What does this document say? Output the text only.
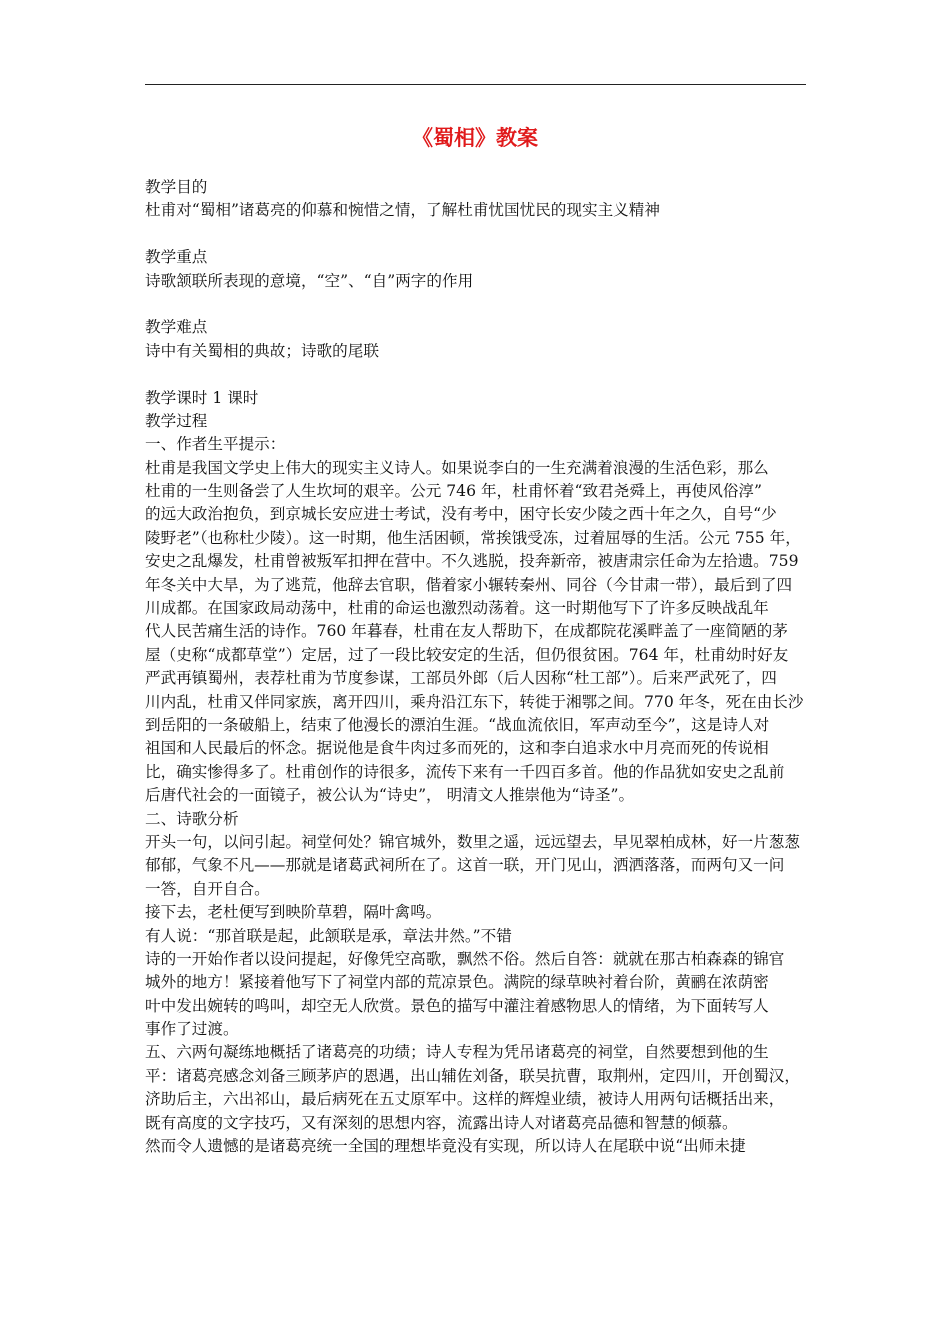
《蜀相》教案
教学目的
杜甫对“蜀相”诸葛亮的仰慕和惋惜之情，了解杜甫忧国忧民的现实主义精神
教学重点
诗歌颔联所表现的意境，“空”、“自”两字的作用
教学难点
诗中有关蜀相的典故；诗歌的尾联
教学课时 1 课时
教学过程
一、作者生平提示：
杜甫是我国文学史上伟大的现实主义诗人。如果说李白的一生充满着浪漫的生活色彩，那么
杜甫的一生则备尝了人生坎坷的艰辛。公元 746 年，杜甫怀着“致君尧舜上，再使风俗淳”
的远大政治抱负，到京城长安应进士考试，没有考中，困守长安少陵之西十年之久，自号“少
陵野老”（也称杜少陵）。这一时期，他生活困顿，常挨饿受冻，过着屈辱的生活。公元 755 年，
安史之乱爆发，杜甫曾被叛军扣押在营中。不久逃脱，投奔新帝，被唐肃宗任命为左拾遗。759
年冬关中大旱，为了逃荒，他辞去官职，偕着家小辗转秦州、同谷（今甘肃一带），最后到了四
川成都。在国家政局动荡中，杜甫的命运也激烈动荡着。这一时期他写下了许多反映战乱年
代人民苦痛生活的诗作。760 年暮春，杜甫在友人帮助下，在成都院花溪畔盖了一座简陋的茅
屋（史称“成都草堂”）定居，过了一段比较安定的生活，但仍很贫困。764 年，杜甫幼时好友
严武再镇蜀州，表荐杜甫为节度参谋，工部员外郎（后人因称“杜工部”）。后来严武死了，四
川内乱，杜甫又伴同家族，离开四川，乘舟沿江东下，转徙于湘鄂之间。770 年冬，死在由长沙
到岳阳的一条破船上，结束了他漫长的漂泊生涯。“战血流依旧，军声动至今”，这是诗人对
祖国和人民最后的怀念。据说他是食牛肉过多而死的，这和李白追求水中月亮而死的传说相
比，确实惨得多了。杜甫创作的诗很多，流传下来有一千四百多首。他的作品犹如安史之乱前
后唐代社会的一面镜子，被公认为“诗史”， 明清文人推崇他为“诗圣”。
二、诗歌分析
开头一句，以问引起。祠堂何处？锦官城外，数里之遥，远远望去，早见翠柏成林，好一片葱葱
郁郁，气象不凡——那就是诸葛武祠所在了。这首一联，开门见山，洒洒落落，而两句又一问
一答，自开自合。
接下去，老杜便写到映阶草碧，隔叶禽鸣。
有人说：“那首联是起，此颔联是承，章法井然。”不错
诗的一开始作者以设问提起，好像凭空高歌，飘然不俗。然后自答：就就在那古柏森森的锦官
城外的地方！紧接着他写下了祠堂内部的荒凉景色。满院的绿草映衬着台阶，黄鹂在浓荫密
叶中发出婉转的鸣叫，却空无人欣赏。景色的描写中灌注着感物思人的情绪，为下面转写人
事作了过渡。
五、六两句凝练地概括了诸葛亮的功绩；诗人专程为凭吊诸葛亮的祠堂，自然要想到他的生
平：诸葛亮感念刘备三顾茅庐的恩遇，出山辅佐刘备，联吴抗曹，取荆州，定四川，开创蜀汉，
济助后主，六出祁山，最后病死在五丈原军中。这样的辉煌业绩，被诗人用两句话概括出来，
既有高度的文字技巧，又有深刻的思想内容，流露出诗人对诸葛亮品德和智慧的倾慕。
然而令人遗憾的是诸葛亮统一全国的理想毕竟没有实现，所以诗人在尾联中说“出师未捷
